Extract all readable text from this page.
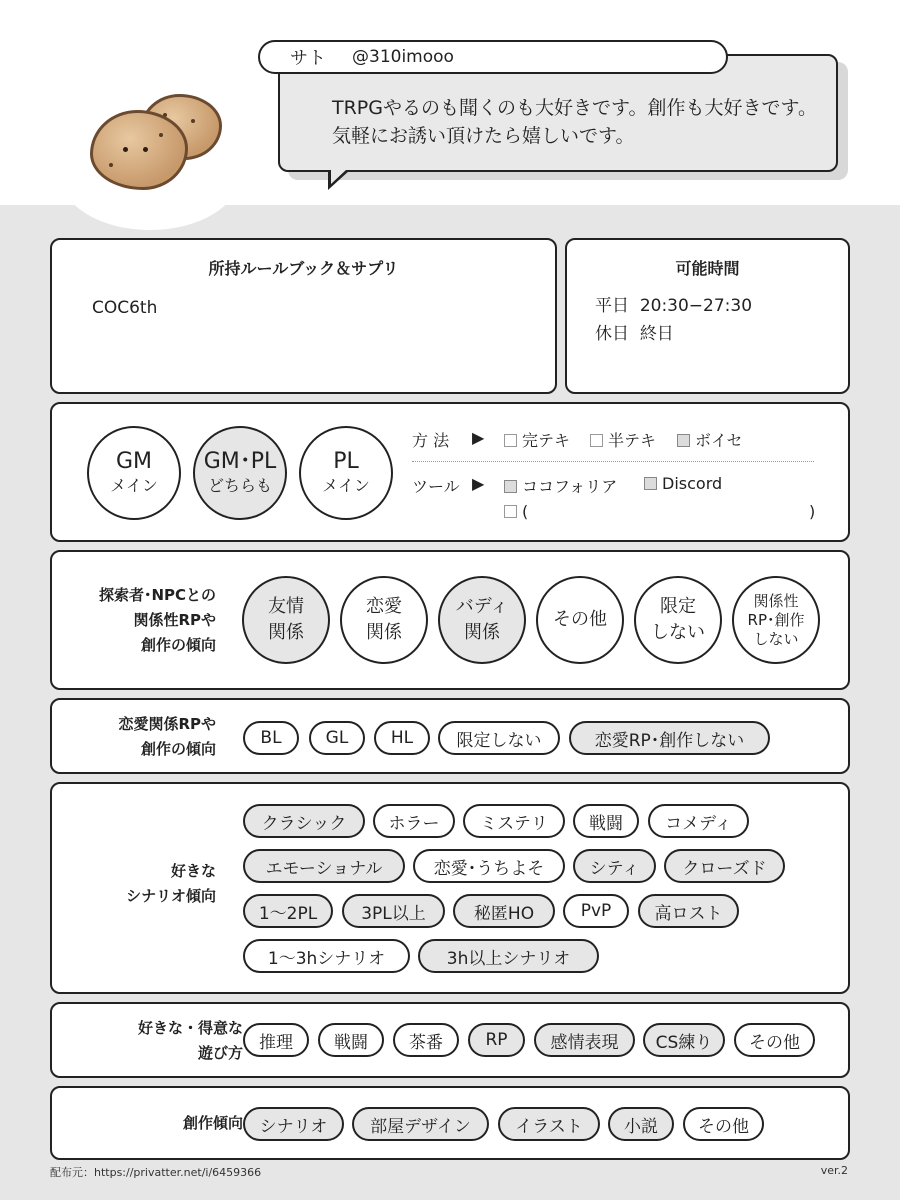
TRPGやるのも聞くのも大好きです。創作も大好きです。
気軽にお誘い頂けたら嬉しいです。
サト @310imooo
所持ルールブック＆サプリ
COC6th
可能時間
平日 20:30−27:30
休日 終日
GM
メイン
GM･PL
どちらも
PL
メイン
方 法 ▶	完テキ	半テキ	ボイセ
ツール ▶	ココフォリア	Discord
(	)
探索者･NPCとの
関係性RPや
創作の傾向
友情
関係
恋愛
関係
バディ
関係
その他
限定
しない
関係性
RP･創作
しない
恋愛関係RPや
創作の傾向
BL	GL	HL	限定しない	恋愛RP･創作しない
好きな
シナリオ傾向
クラシック	ホラー	ミステリ	戦闘	コメディ
エモーショナル	恋愛･うちよそ	シティ	クローズド
1〜2PL	3PL以上	秘匿HO	PvP	高ロスト
1〜3hシナリオ	3h以上シナリオ
好きな・得意な
遊び方
推理	戦闘	茶番	RP	感情表現	CS練り	その他
創作傾向 シナリオ	部屋デザイン	イラスト	小説	その他
配布元：https://privatter.net/i/6459366	ver.2
